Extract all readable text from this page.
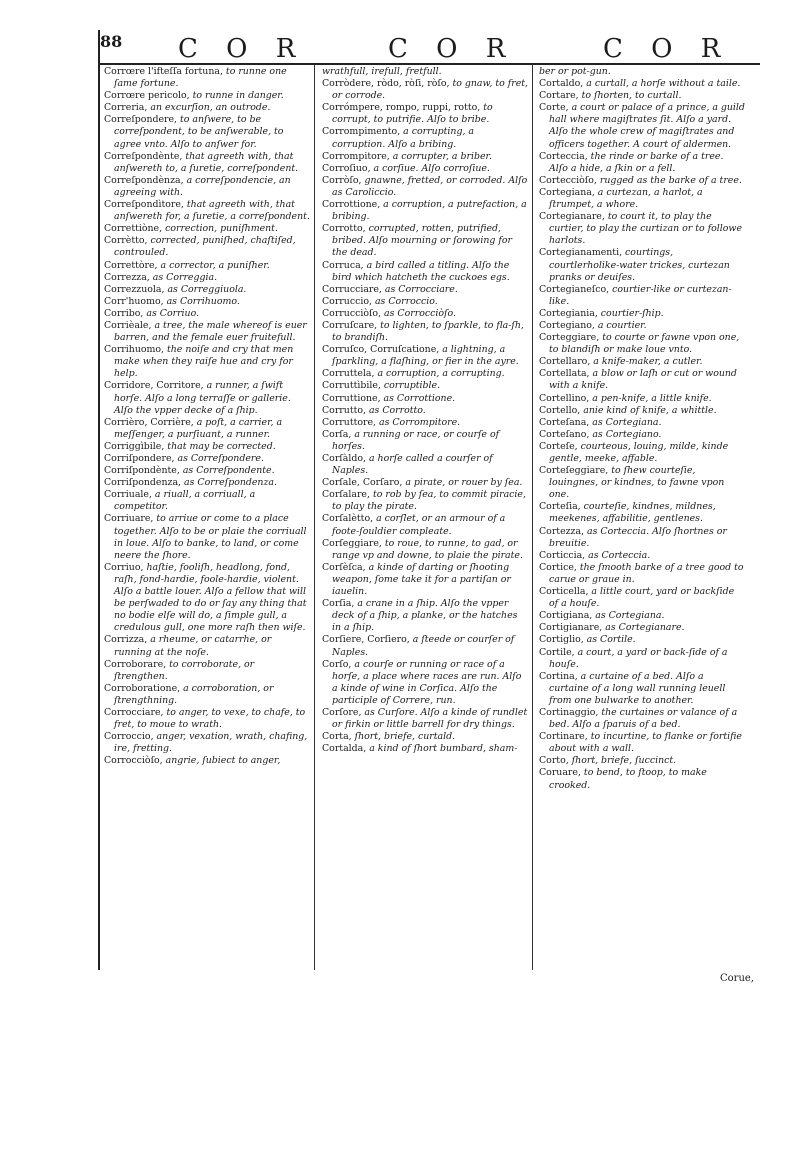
88 C O R	C O R	C O R

Corrœre l'ifteſſa fortuna, to runne one ſame fortune.

Corrœre pericolo, to runne in danger.

Correria, an excurſion, an outrode.

Correſpondere, to anſwere, to be correſpondent, to be anſwerable, to agree vnto. Alſo to anſwer for.

Correſpondènte, that agreeth with, that anſwereth to, a ſuretie, correſpondent.

Correſpondènza, a correſpondencie, an agreeing with.

Correſpondìtore, that agreeth with, that anſwereth for, a ſuretie, a correſpondent.

Correttiòne, correction, puniſhment.

Corrètto, corrected, puniſhed, chaſtiſed, controuled.

Correttòre, a corrector, a puniſher.

Correzza, as Correggia.

Correzzuola, as Correggiuola.

Corr'huomo, as Corrihuomo.

Corribo, as Corriuo.

Corrièale, a tree, the male whereof is euer barren, and the female euer fruitefull.

Corrihuomo, the noiſe and cry that men make when they raiſe hue and cry for help.

Corridore, Corritore, a runner, a ſwift horſe. Alſo a long terraſſe or gallerie. Alſo the vpper decke of a ſhip.

Corrièro, Corrière, a poſt, a carrier, a meſſenger, a purſiuant, a runner.

Corriggìbile, that may be corrected.

Corriſpondere, as Correſpondere.

Corriſpondènte, as Correſpondente.

Corriſpondenza, as Correſpondenza.

Corriuale, a riuall, a corriuall, a competitor.

Corriuare, to arriue or come to a place together. Alſo to be or plaie the corriuall in loue. Alſo to banke, to land, or come neere the ſhore.

Corriuo, haſtie, fooliſh, headlong, fond, raſh, fond-hardie, foole-hardie, violent. Alſo a battle louer. Alſo a fellow that will be perſwaded to do or ſay any thing that no bodie elſe will do, a ſimple gull, a credulous gull, one more raſh then wiſe.

Corrizza, a rheume, or catarrhe, or running at the noſe.

Corroborare, to corroborate, or ſtrengthen.

Corroboratione, a corroboration, or ſtrengthning.

Corrocciare, to anger, to vexe, to chafe, to fret, to moue to wrath.

Corroccio, anger, vexation, wrath, chafing, ire, fretting.

Corrocciòſo, angrie, ſubiect to anger,

wrathfull, irefull, fretfull.

Corròdere, ròdo, ròſi, ròſo, to gnaw, to fret, or corrode.

Corrómpere, rompo, ruppi, rotto, to corrupt, to putrifie. Alſo to bribe.

Corrompimento, a corrupting, a corruption. Alſo a bribing.

Corrompitore, a corrupter, a briber.

Corroſiuo, a corſiue. Alſo corroſiue.

Corròſo, gnawne, fretted, or corroded. Alſo as Caroliccio.

Corrottione, a corruption, a putrefaction, a bribing.

Corrotto, corrupted, rotten, putrified, bribed. Alſo mourning or ſorowing for the dead.

Corruca, a bird called a titling. Alſo the bird which hatcheth the cuckoes egs.

Corrucciare, as Corrocciare.

Corruccio, as Corroccio.

Corrucciòſo, as Corrocciòſo.

Corruſcare, to lighten, to ſparkle, to fla-ſh, to brandiſh.

Corruſco, Corruſcatione, a lightning, a ſparkling, a flaſhing, or fier in the ayre.

Corruttela, a corruption, a corrupting.

Corruttìbile, corruptible.

Corruttione, as Corrottione.

Corrutto, as Corrotto.

Corruttore, as Corrompitore.

Corſa, a running or race, or courſe of horſes.

Corſàldo, a horſe called a courſer of Naples.

Corſale, Corſaro, a pirate, or rouer by ſea.

Corſalare, to rob by ſea, to commit piracie, to play the pirate.

Corſalètto, a corſlet, or an armour of a foote-ſouldier compleate.

Corſeggiare, to roue, to runne, to gad, or range vp and downe, to plaie the pirate.

Corſèſca, a kinde of darting or ſhooting weapon, ſome take it for a partiſan or iauelin.

Corſia, a crane in a ſhip. Alſo the vpper deck of a ſhip, a planke, or the hatches in a ſhip.

Corſiere, Corſiero, a ſteede or courſer of Naples.

Corſo, a courſe or running or race of a horſe, a place where races are run. Alſo a kinde of wine in Corſica. Alſo the participle of Correre, run.

Corſore, as Curſore. Alſo a kinde of rundlet or firkin or little barrell for dry things.

Corta, ſhort, briefe, curtald.

Cortalda, a kind of ſhort bumbard, sham-

ber or pot-gun.

Cortaldo, a curtall, a horſe without a taile.

Cortare, to ſhorten, to curtall.

Corte, a court or palace of a prince, a guild hall where magiſtrates ſit. Alſo a yard. Alſo the whole crew of magiſtrates and officers together. A court of aldermen.

Corteccia, the rinde or barke of a tree. Alſo a hide, a ſkin or a fell.

Cortecciòſo, rugged as the barke of a tree.

Cortegiana, a curtezan, a harlot, a ſtrumpet, a whore.

Cortegianare, to court it, to play the curtier, to play the curtizan or to followe harlots.

Cortegianamenti, courtings, courtlerholike-water trickes, curtezan pranks or deuiſes.

Cortegianeſco, courtier-like or curtezan-like.

Cortegiania, courtier-ſhip.

Cortegiano, a courtier.

Corteggiare, to courte or fawne vpon one, to blandiſh or make loue vnto.

Cortellaro, a knife-maker, a cutler.

Cortellata, a blow or laſh or cut or wound with a knife.

Cortellino, a pen-knife, a little knife.

Cortello, anie kind of knife, a whittle.

Corteſana, as Cortegiana.

Corteſano, as Cortegiano.

Corteſe, courteous, louing, milde, kinde gentle, meeke, affable.

Corteſeggiare, to ſhew courteſie, louingnes, or kindnes, to fawne vpon one.

Corteſia, courteſie, kindnes, mildnes, meekenes, affabilitie, gentlenes.

Cortezza, as Corteccia. Alſo ſhortnes or breuitie.

Corticcia, as Corteccia.

Cortice, the ſmooth barke of a tree good to carue or graue in.

Corticella, a little court, yard or backſide of a houſe.

Cortigiana, as Cortegiana.

Cortigianare, as Cortegianare.

Cortiglio, as Cortile.

Cortile, a court, a yard or back-ſide of a houſe.

Cortina, a curtaine of a bed. Alſo a curtaine of a long wall running leuell from one bulwarke to another.

Cortinaggio, the curtaines or valance of a bed. Alſo a ſparuis of a bed.

Cortinare, to incurtine, to flanke or fortifie about with a wall.

Corto, ſhort, briefe, ſuccinct.

Coruare, to bend, to ſtoop, to make crooked.

Corue,
